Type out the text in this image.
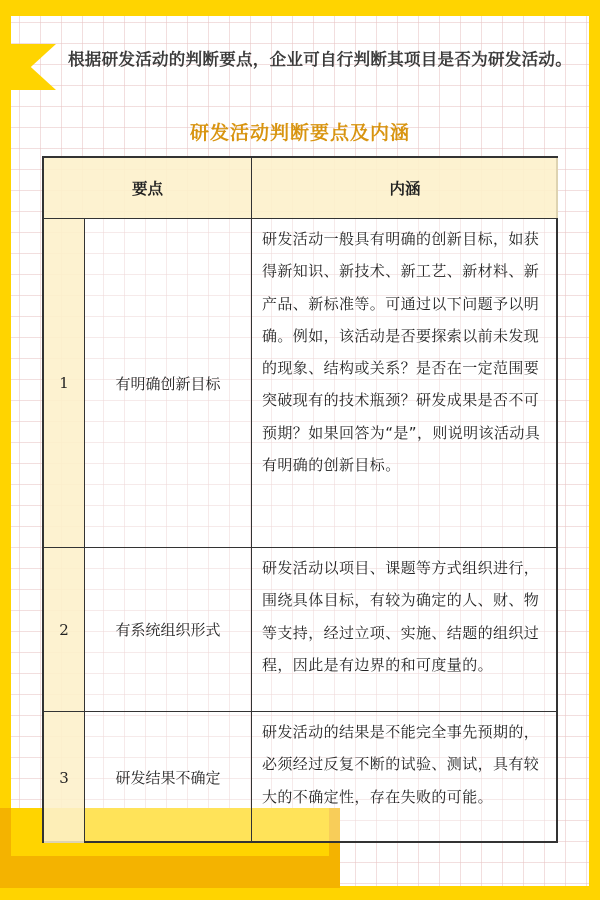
根据研发活动的判断要点，企业可自行判断其项目是否为研发活动。

研发活动判断要点及内涵
要点	内涵
1	有明确创新目标
研发活动一般具有明确的创新目标，如获得新知识、新技术、新工艺、新材料、新产品、新标准等。可通过以下问题予以明确。例如，该活动是否要探索以前未发现的现象、结构或关系？是否在一定范围要突破现有的技术瓶颈？研发成果是否不可预期？如果回答为“是”，则说明该活动具有明确的创新目标。
2	有系统组织形式
研发活动以项目、课题等方式组织进行，围绕具体目标，有较为确定的人、财、物等支持，经过立项、实施、结题的组织过程，因此是有边界的和可度量的。
3	研发结果不确定
研发活动的结果是不能完全事先预期的，必须经过反复不断的试验、测试，具有较大的不确定性，存在失败的可能。
